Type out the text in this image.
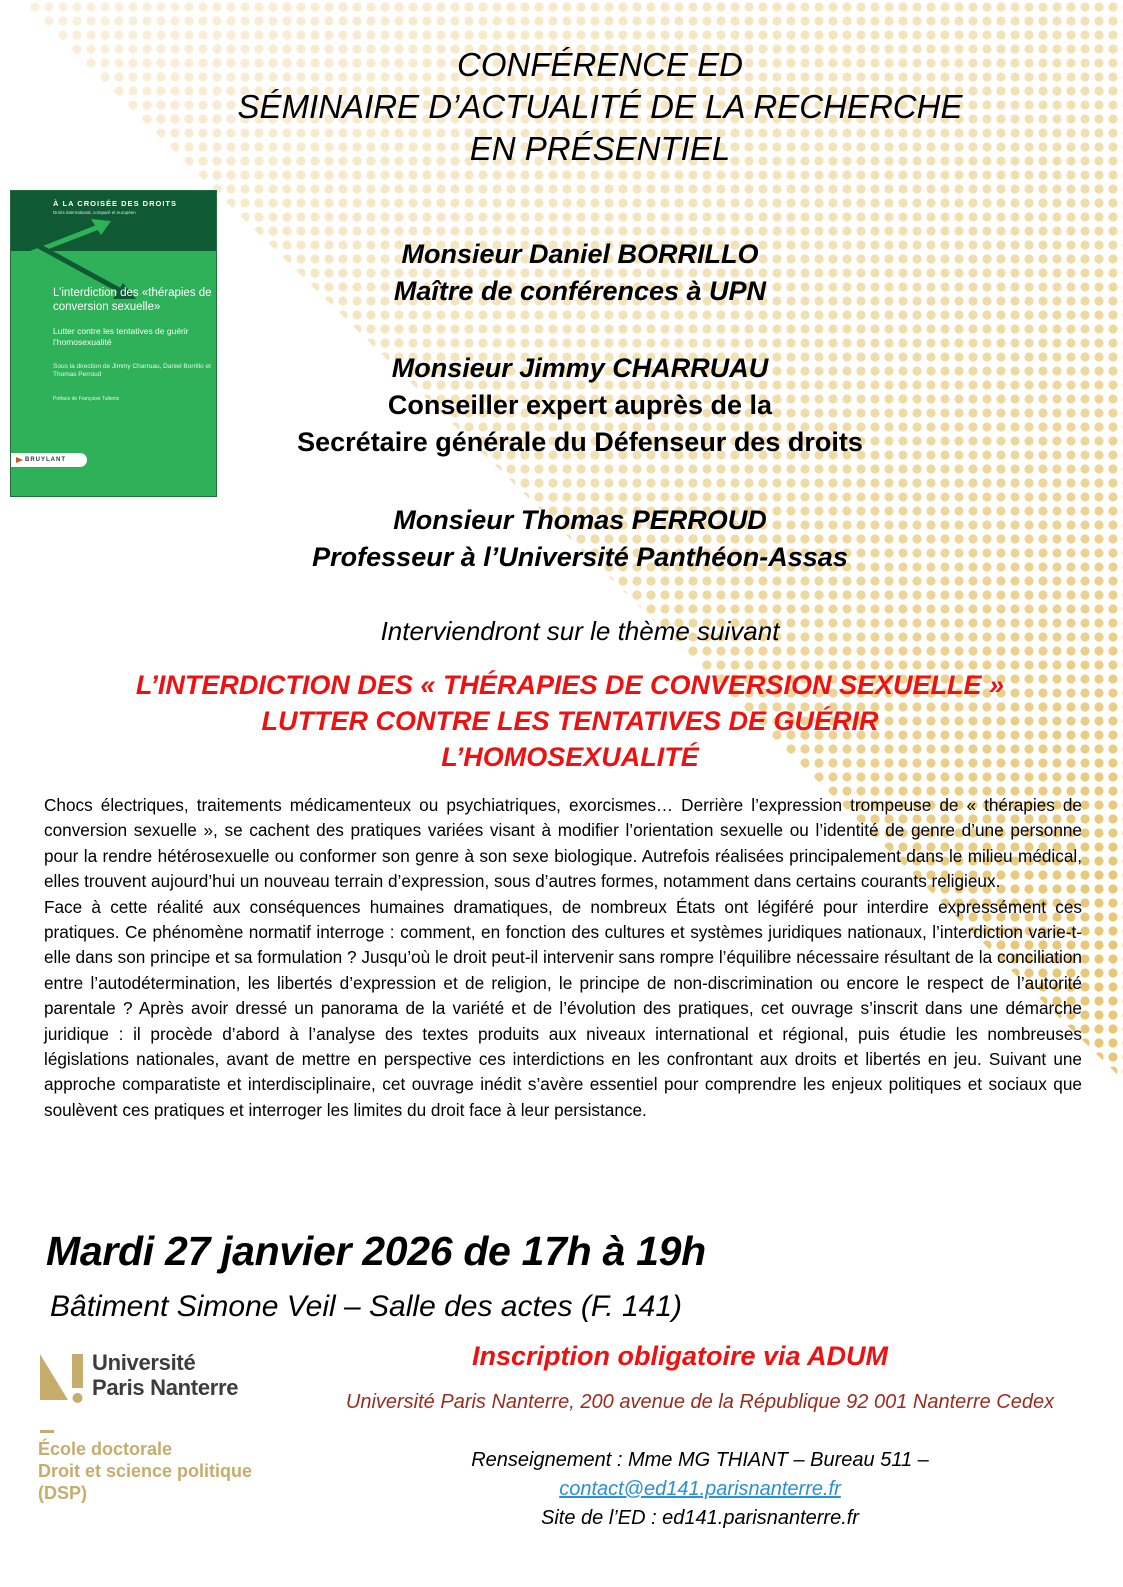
CONFÉRENCE ED
SÉMINAIRE D’ACTUALITÉ DE LA RECHERCHE
EN PRÉSENTIEL
À LA CROISÉE DES DROITS
Droits international, comparé et européen
L’interdiction des «thérapies de conversion sexuelle»
Lutter contre les tentatives de guérir l’homosexualité
Sous la direction de Jimmy Charruau, Daniel Borrillo et Thomas Perroud
Préface de Françoise Tulkens
BRUYLANT
Monsieur Daniel BORRILLO
Maître de conférences à UPN
Monsieur Jimmy CHARRUAU
Conseiller expert auprès de la
Secrétaire générale du Défenseur des droits
Monsieur Thomas PERROUD
Professeur à l’Université Panthéon-Assas
Interviendront sur le thème suivant
L’INTERDICTION DES « THÉRAPIES DE CONVERSION SEXUELLE »
LUTTER CONTRE LES TENTATIVES DE GUÉRIR
L’HOMOSEXUALITÉ

Chocs électriques, traitements médicamenteux ou psychiatriques, exorcismes… Derrière l’expression trompeuse de « thérapies de conversion sexuelle », se cachent des pratiques variées visant à modifier l’orientation sexuelle ou l’identité de genre d’une personne pour la rendre hétérosexuelle ou conformer son genre à son sexe biologique. Autrefois réalisées principalement dans le milieu médical, elles trouvent aujourd’hui un nouveau terrain d’expression, sous d’autres formes, notamment dans certains courants religieux.

Face à cette réalité aux conséquences humaines dramatiques, de nombreux États ont légiféré pour interdire expressément ces pratiques. Ce phénomène normatif interroge : comment, en fonction des cultures et systèmes juridiques nationaux, l’interdiction varie-t-elle dans son principe et sa formulation ? Jusqu’où le droit peut-il intervenir sans rompre l’équilibre nécessaire résultant de la conciliation entre l’autodétermination, les libertés d’expression et de religion, le principe de non-discrimination ou encore le respect de l’autorité parentale ? Après avoir dressé un panorama de la variété et de l’évolution des pratiques, cet ouvrage s’inscrit dans une démarche juridique : il procède d’abord à l’analyse des textes produits aux niveaux international et régional, puis étudie les nombreuses législations nationales, avant de mettre en perspective ces interdictions en les confrontant aux droits et libertés en jeu. Suivant une approche comparatiste et interdisciplinaire, cet ouvrage inédit s’avère essentiel pour comprendre les enjeux politiques et sociaux que soulèvent ces pratiques et interroger les limites du droit face à leur persistance.

Mardi 27 janvier 2026 de 17h à 19h
Bâtiment Simone Veil – Salle des actes (F. 141)
Université
Paris Nanterre
École doctorale
Droit et science politique
(DSP)
Inscription obligatoire via ADUM
Université Paris Nanterre, 200 avenue de la République 92 001 Nanterre Cedex
Renseignement : Mme MG THIANT – Bureau 511 –
contact@ed141.parisnanterre.fr
Site de l’ED : ed141.parisnanterre.fr
